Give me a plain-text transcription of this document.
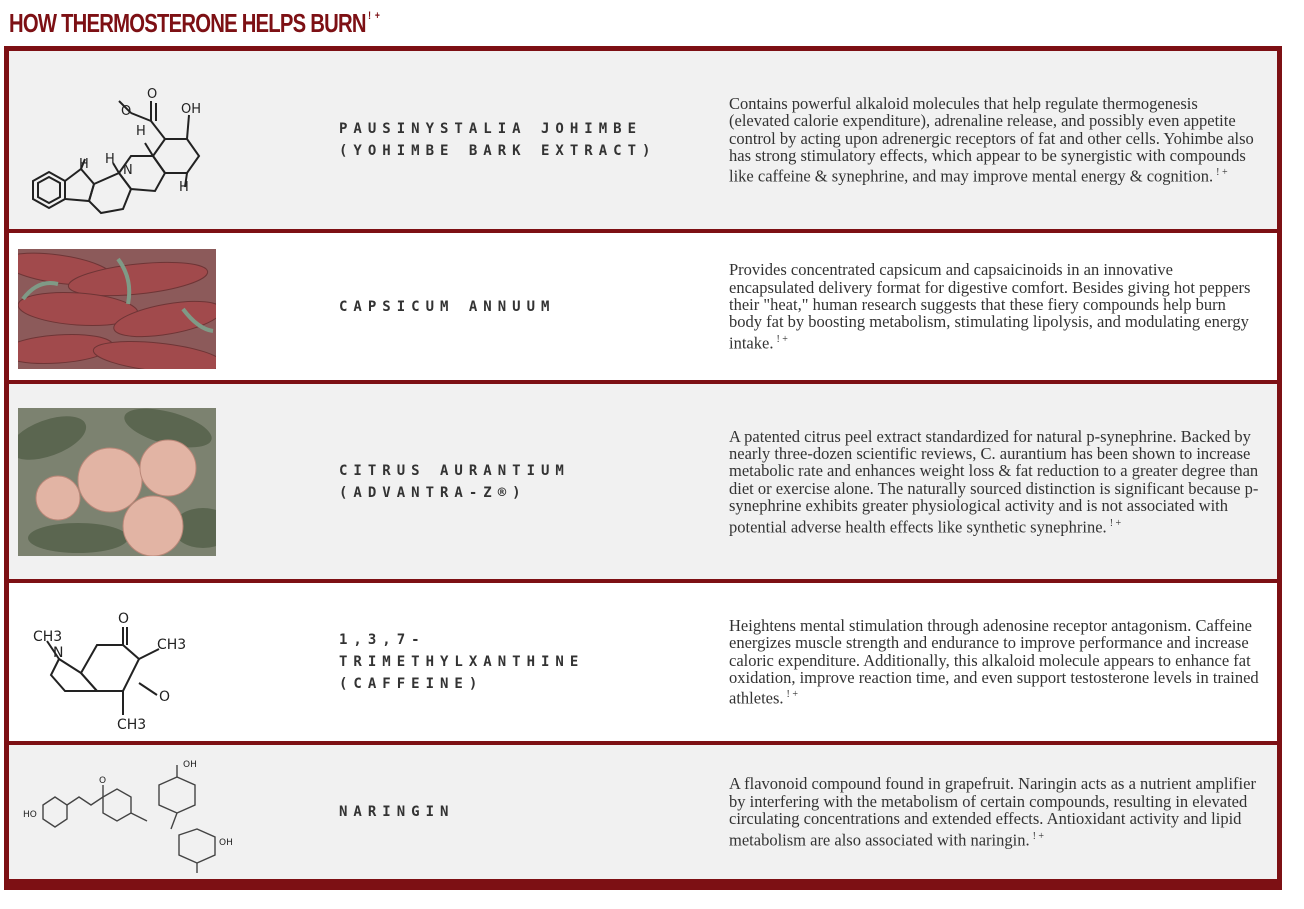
HOW THERMOSTERONE HELPS BURN ! +
O
O	OH
H H
H
H
N
PAUSINYSTALIA JOHIMBE
(YOHIMBE BARK EXTRACT)
Contains powerful alkaloid molecules that help regulate thermogenesis (elevated calorie expenditure), adrenaline release, and possibly even appetite control by acting upon adrenergic receptors of fat and other cells. Yohimbe also has strong stimulatory effects, which appear to be synergistic with compounds like caffeine & synephrine, and may improve mental energy & cognition. ! +
CAPSICUM ANNUUM
Provides concentrated capsicum and capsaicinoids in an innovative encapsulated delivery format for digestive comfort. Besides giving hot peppers their "heat," human research suggests that these fiery compounds help burn body fat by boosting metabolism, stimulating lipolysis, and modulating energy intake. ! +
CITRUS AURANTIUM
(ADVANTRA-Z®)
A patented citrus peel extract standardized for natural p-synephrine. Backed by nearly three-dozen scientific reviews, C. aurantium has been shown to increase metabolic rate and enhances weight loss & fat reduction to a greater degree than diet or exercise alone. The naturally sourced distinction is significant because p-synephrine exhibits greater physiological activity and is not associated with potential adverse health effects like synthetic synephrine. ! +
CH3	CH3
CH3
O
O
N
1,3,7-
TRIMETHYLXANTHINE
(CAFFEINE)
Heightens mental stimulation through adenosine receptor antagonism. Caffeine energizes muscle strength and endurance to improve performance and increase caloric expenditure. Additionally, this alkaloid molecule appears to enhance fat oxidation, improve reaction time, and even support testosterone levels in trained athletes. ! +
HO
O
OH
OH
NARINGIN
A flavonoid compound found in grapefruit. Naringin acts as a nutrient amplifier by interfering with the metabolism of certain compounds, resulting in elevated circulating concentrations and extended effects. Antioxidant activity and lipid metabolism are also associated with naringin. ! +
